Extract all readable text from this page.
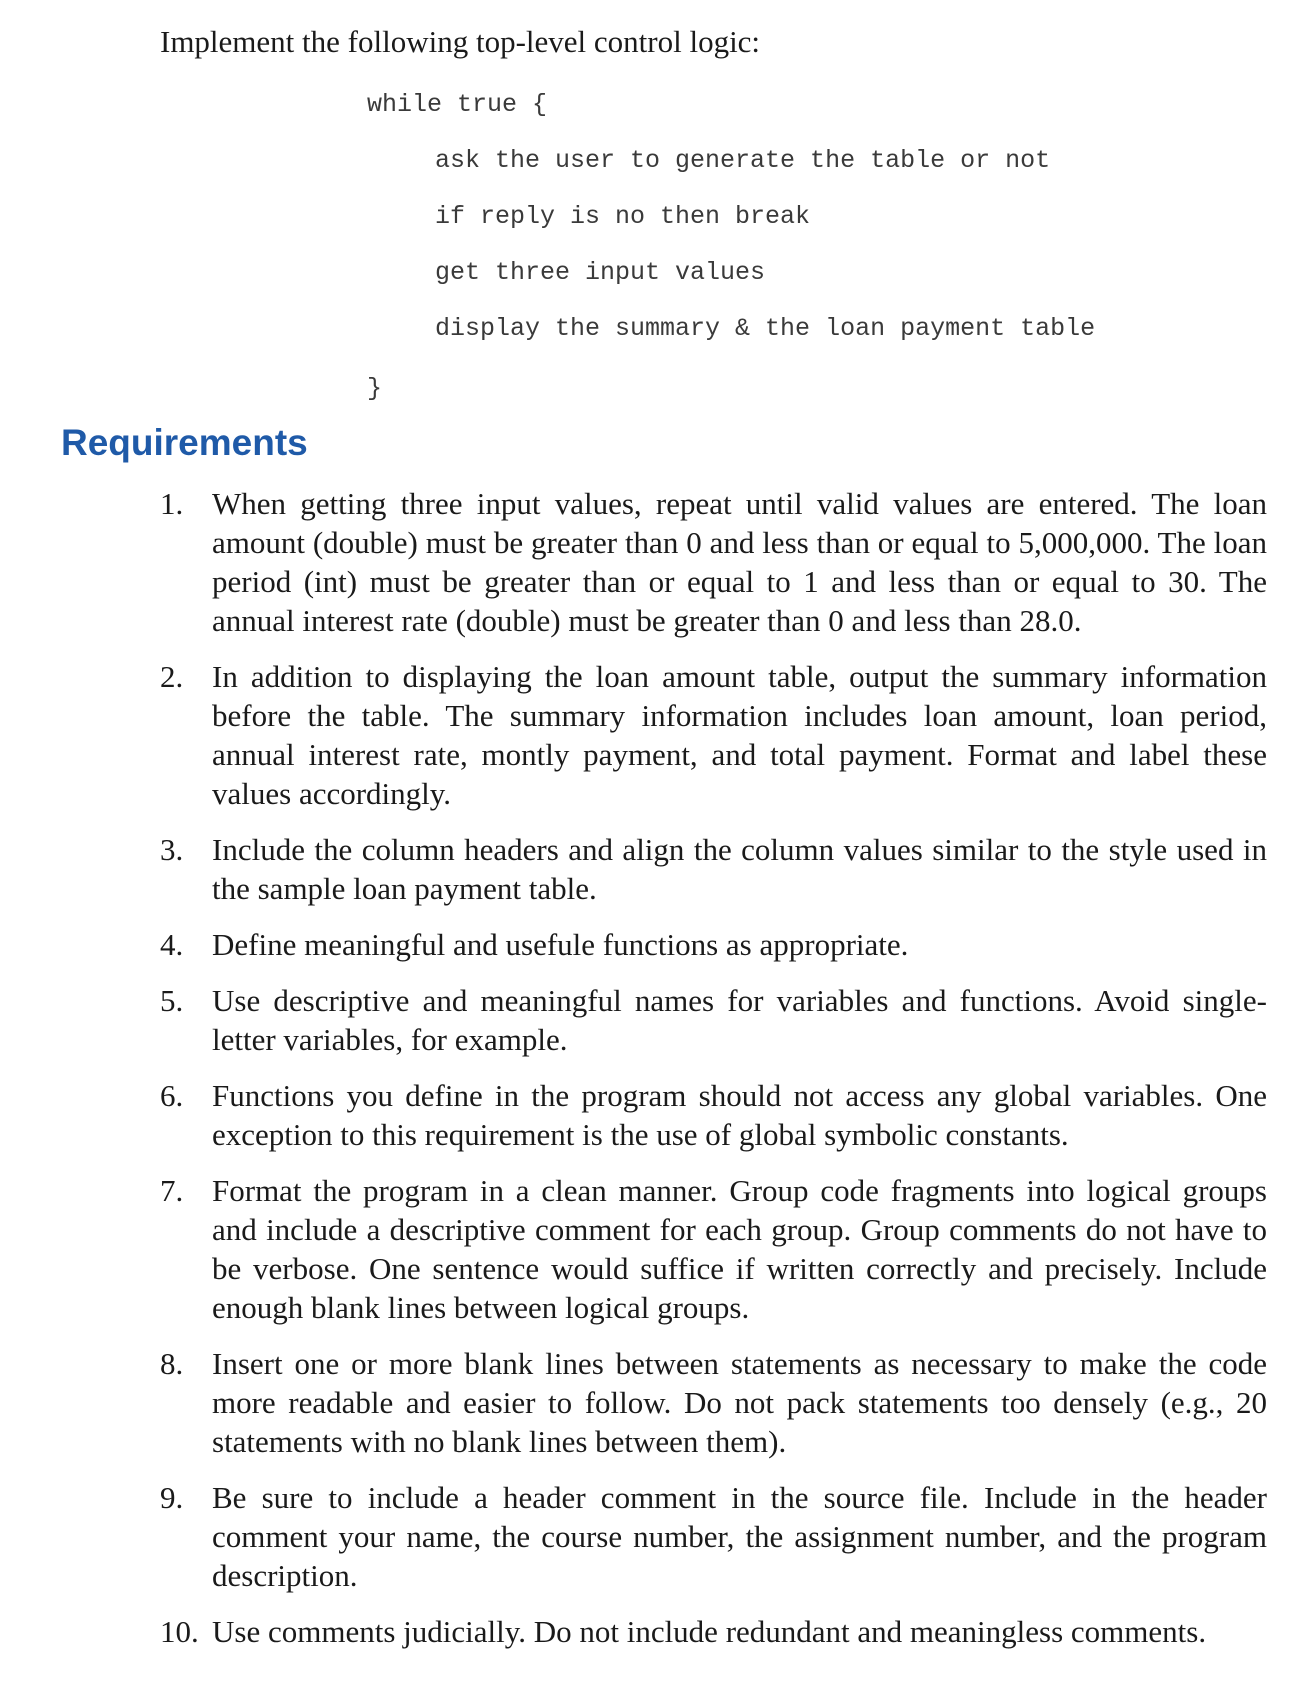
Implement the following top-level control logic:

while true {

ask the user to generate the table or not

if reply is no then break

get three input values

display the summary & the loan payment table

}

Requirements
1. When getting three input values, repeat until valid values are entered. The loan amount (double) must be greater than 0 and less than or equal to 5,000,000. The loan period (int) must be greater than or equal to 1 and less than or equal to 30. The annual interest rate (double) must be greater than 0 and less than 28.0.
2. In addition to displaying the loan amount table, output the summary information before the table. The summary information includes loan amount, loan period, annual interest rate, montly payment, and total payment. Format and label these values accordingly.
3. Include the column headers and align the column values similar to the style used in the sample loan payment table.
4. Define meaningful and usefule functions as appropriate.
5. Use descriptive and meaningful names for variables and functions. Avoid single-letter variables, for example.
6. Functions you define in the program should not access any global variables. One exception to this requirement is the use of global symbolic constants.
7. Format the program in a clean manner. Group code fragments into logical groups and include a descriptive comment for each group. Group comments do not have to be verbose. One sentence would suffice if written correctly and precisely. Include enough blank lines between logical groups.
8. Insert one or more blank lines between statements as necessary to make the code more readable and easier to follow. Do not pack statements too densely (e.g., 20 statements with no blank lines between them).
9. Be sure to include a header comment in the source file. Include in the header comment your name, the course number, the assignment number, and the program description.
10. Use comments judicially. Do not include redundant and meaningless comments.
